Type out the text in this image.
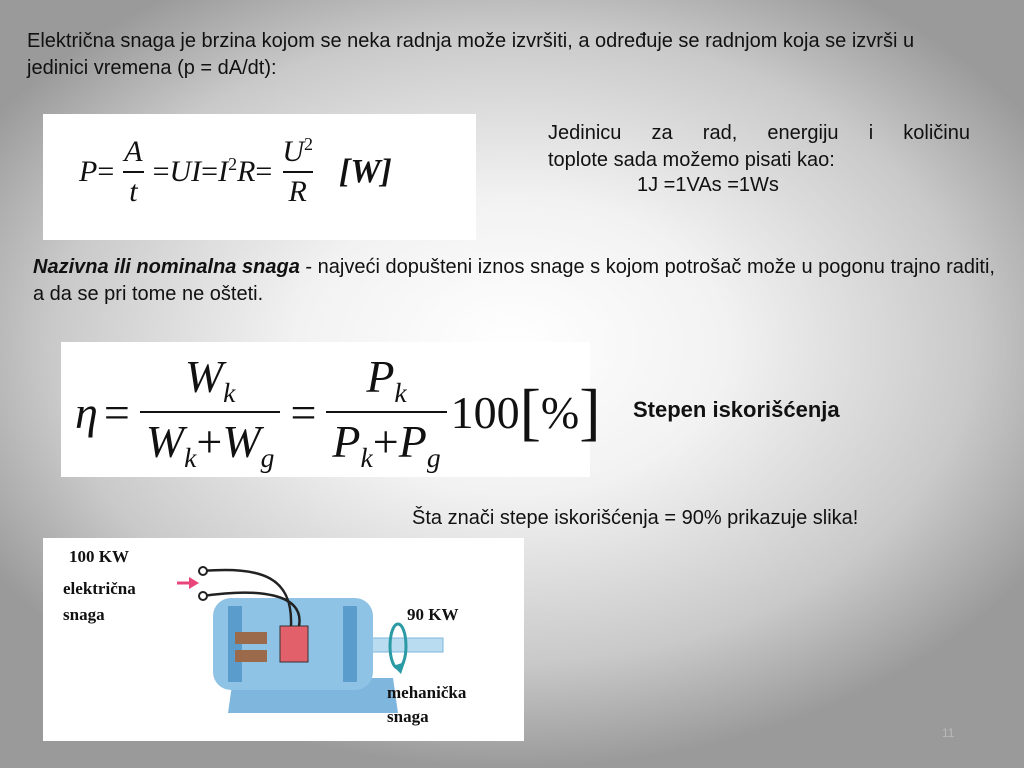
Električna snaga je brzina kojom se neka radnja može izvršiti, a određuje se radnjom koja se izvrši u jedinici vremena (p = dA/dt):
$P = \frac{A}{t}$ = UI = $I^2R = \frac{U^2}{R} [W]$
Jedinicu za rad, energiju i količinu
toplote sada možemo pisati kao:
1J =1VAs =1Ws
Nazivna ili nominalna snaga - najveći dopušteni iznos snage s kojom potrošač može u pogonu trajno raditi, a da se pri tome ne ošteti.
$\eta = \frac{W_k}{W_k+W_g} = \frac{P_k}{P_k+P_g} 100$ [ % ] Stepen iskorišćenja
Šta znači stepe iskorišćenja = 90% prikazuje slika!
100 KW
električna
snaga	90 KW
mehanička
snaga
11
